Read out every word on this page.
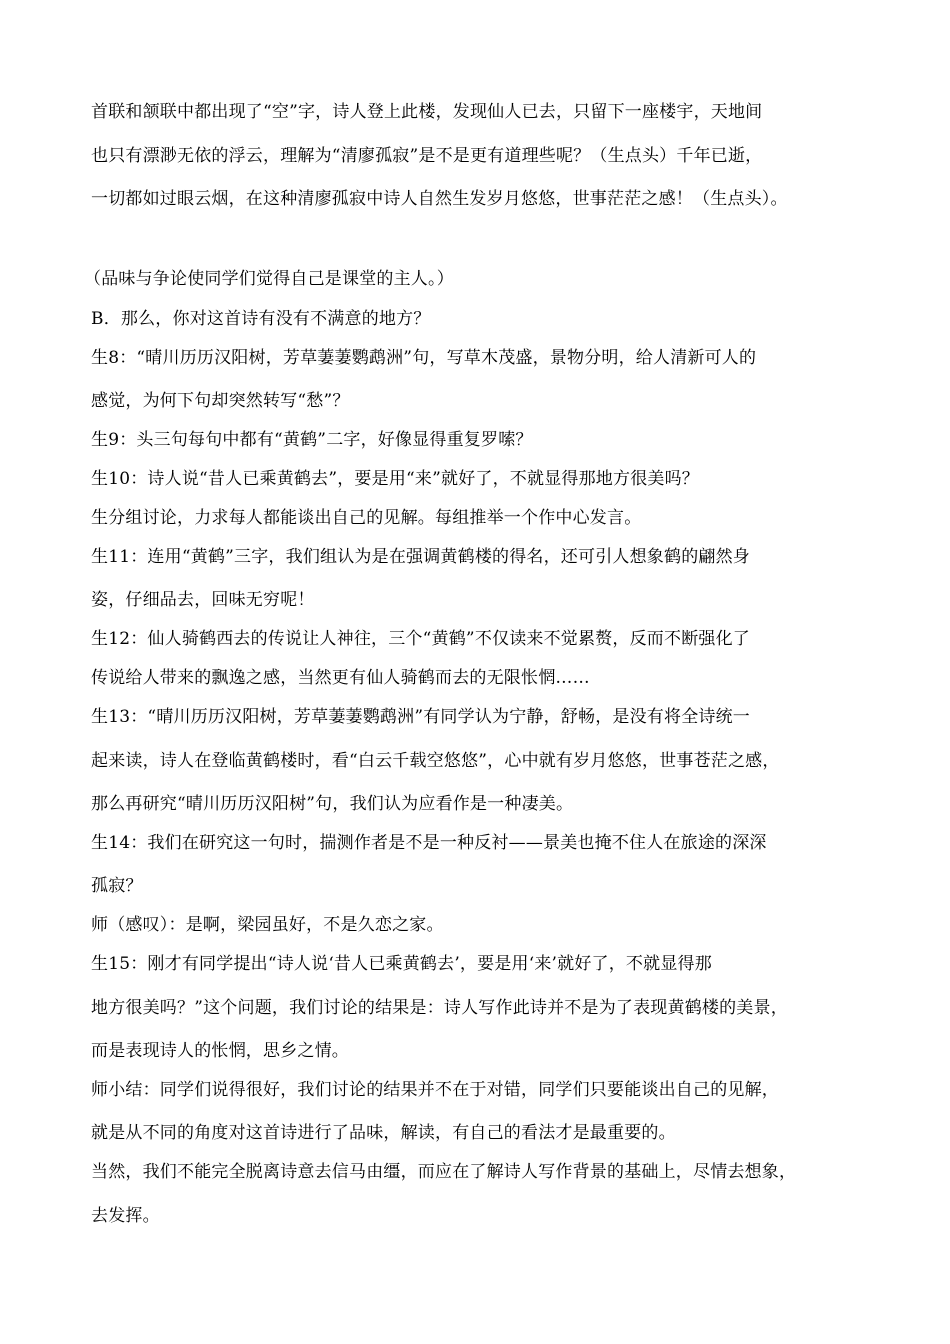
首联和颔联中都出现了“空”字，诗人登上此楼，发现仙人已去，只留下一座楼宇，天地间
也只有漂渺无依的浮云，理解为“清廖孤寂”是不是更有道理些呢？（生点头）千年已逝，
一切都如过眼云烟，在这种清廖孤寂中诗人自然生发岁月悠悠，世事茫茫之感！（生点头）。
（品味与争论使同学们觉得自己是课堂的主人。）
B．那么，你对这首诗有没有不满意的地方？
生8：“晴川历历汉阳树，芳草萋萋鹦鹉洲”句，写草木茂盛，景物分明，给人清新可人的
感觉，为何下句却突然转写“愁”？
生9：头三句每句中都有“黄鹤”二字，好像显得重复罗嗦？
生10：诗人说“昔人已乘黄鹤去”，要是用“来”就好了，不就显得那地方很美吗？
生分组讨论，力求每人都能谈出自己的见解。每组推举一个作中心发言。
生11：连用“黄鹤”三字，我们组认为是在强调黄鹤楼的得名，还可引人想象鹤的翩然身
姿，仔细品去，回味无穷呢！
生12：仙人骑鹤西去的传说让人神往，三个“黄鹤”不仅读来不觉累赘，反而不断强化了
传说给人带来的飘逸之感，当然更有仙人骑鹤而去的无限怅惘……
生13：“晴川历历汉阳树，芳草萋萋鹦鹉洲”有同学认为宁静，舒畅，是没有将全诗统一
起来读，诗人在登临黄鹤楼时，看“白云千载空悠悠”，心中就有岁月悠悠，世事苍茫之感，
那么再研究“晴川历历汉阳树”句，我们认为应看作是一种凄美。
生14：我们在研究这一句时，揣测作者是不是一种反衬——景美也掩不住人在旅途的深深
孤寂？
师（感叹）：是啊，梁园虽好，不是久恋之家。
生15：刚才有同学提出“诗人说‘昔人已乘黄鹤去’，要是用‘来’就好了，不就显得那
地方很美吗？”这个问题，我们讨论的结果是：诗人写作此诗并不是为了表现黄鹤楼的美景，
而是表现诗人的怅惘，思乡之情。
师小结：同学们说得很好，我们讨论的结果并不在于对错，同学们只要能谈出自己的见解，
就是从不同的角度对这首诗进行了品味，解读，有自己的看法才是最重要的。
当然，我们不能完全脱离诗意去信马由缰，而应在了解诗人写作背景的基础上，尽情去想象，
去发挥。
